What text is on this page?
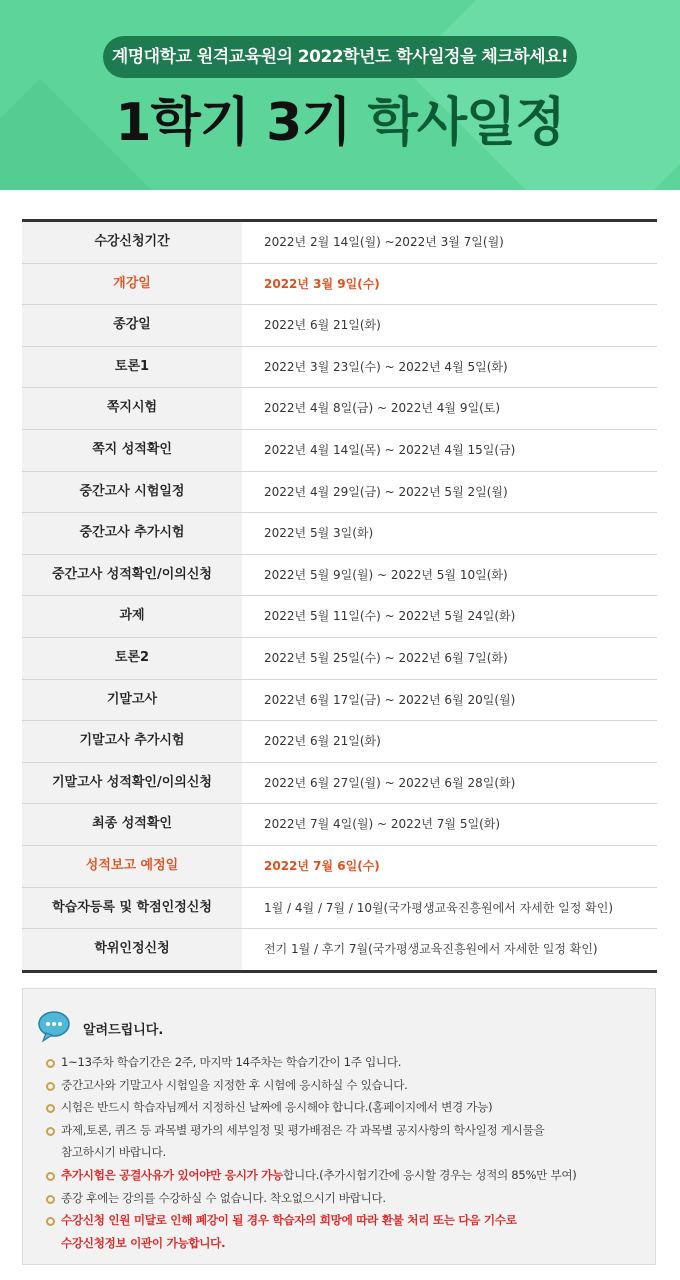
계명대학교 원격교육원의 2022학년도 학사일정을 체크하세요!
1학기 3기 학사일정
수강신청기간	2022년 2월 14일(월) ~2022년 3월 7일(월)
개강일	2022년 3월 9일(수)
종강일	2022년 6월 21일(화)
토론1	2022년 3월 23일(수) ~ 2022년 4월 5일(화)
쪽지시험	2022년 4월 8일(금) ~ 2022년 4월 9일(토)
쪽지 성적확인	2022년 4월 14일(목) ~ 2022년 4월 15일(금)
중간고사 시험일정	2022년 4월 29일(금) ~ 2022년 5월 2일(월)
중간고사 추가시험	2022년 5월 3일(화)
중간고사 성적확인/이의신청	2022년 5월 9일(월) ~ 2022년 5월 10일(화)
과제	2022년 5월 11일(수) ~ 2022년 5월 24일(화)
토론2	2022년 5월 25일(수) ~ 2022년 6월 7일(화)
기말고사	2022년 6월 17일(금) ~ 2022년 6월 20일(월)
기말고사 추가시험	2022년 6월 21일(화)
기말고사 성적확인/이의신청	2022년 6월 27일(월) ~ 2022년 6월 28일(화)
최종 성적확인	2022년 7월 4일(월) ~ 2022년 7월 5일(화)
성적보고 예정일	2022년 7월 6일(수)
학습자등록 및 학점인정신청	1월 / 4월 / 7월 / 10월(국가평생교육진흥원에서 자세한 일정 확인)
학위인정신청	전기 1월 / 후기 7월(국가평생교육진흥원에서 자세한 일정 확인)
알려드립니다.
1~13주차 학습기간은 2주, 마지막 14주차는 학습기간이 1주 입니다.
중간고사와 기말고사 시험일을 지정한 후 시험에 응시하실 수 있습니다.
시험은 반드시 학습자님께서 지정하신 날짜에 응시해야 합니다.(홈페이지에서 변경 가능)
과제,토론, 퀴즈 등 과목별 평가의 세부일정 및 평가배점은 각 과목별 공지사항의 학사일정 게시물을
참고하시기 바랍니다.
추가시험은 공결사유가 있어야만 응시가 가능합니다.(추가시험기간에 응시할 경우는 성적의 85%만 부여)
종강 후에는 강의를 수강하실 수 없습니다. 착오없으시기 바랍니다.
수강신청 인원 미달로 인해 폐강이 될 경우 학습자의 희망에 따라 환불 처리 또는 다음 기수로
수강신청정보 이관이 가능합니다.
